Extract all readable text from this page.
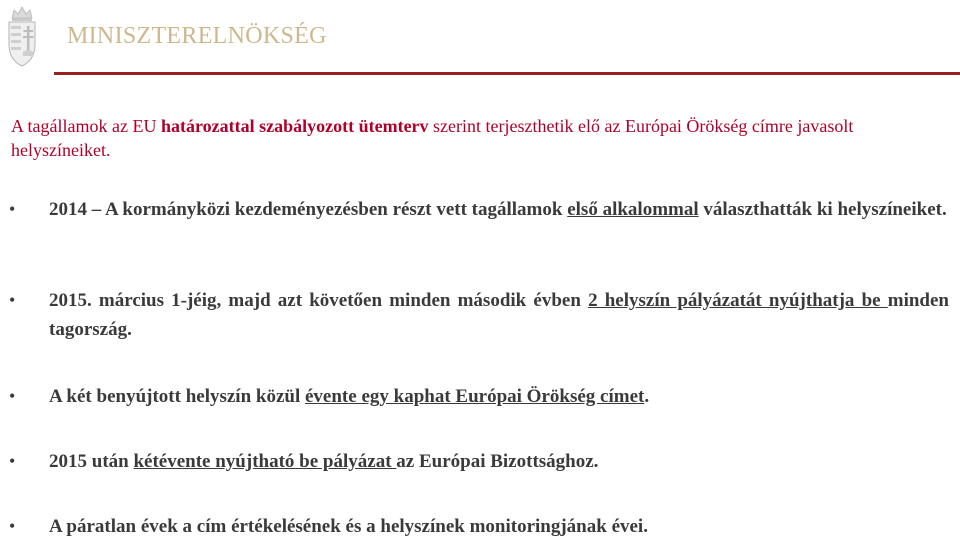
MINISZTERELNÖKSÉG
A tagállamok az EU határozattal szabályozott ütemterv szerint terjeszthetik elő az Európai Örökség címre javasolt helyszíneiket.
• 2014 – A kormányközi kezdeményezésben részt vett tagállamok első alkalommal választhatták ki helyszíneiket.
• 2015. március 1-jéig, majd azt követően minden második évben 2 helyszín pályázatát nyújthatja be minden tagország.
• A két benyújtott helyszín közül évente egy kaphat Európai Örökség címet.
• 2015 után kétévente nyújtható be pályázat az Európai Bizottsághoz.
• A páratlan évek a cím értékelésének és a helyszínek monitoringjának évei.
